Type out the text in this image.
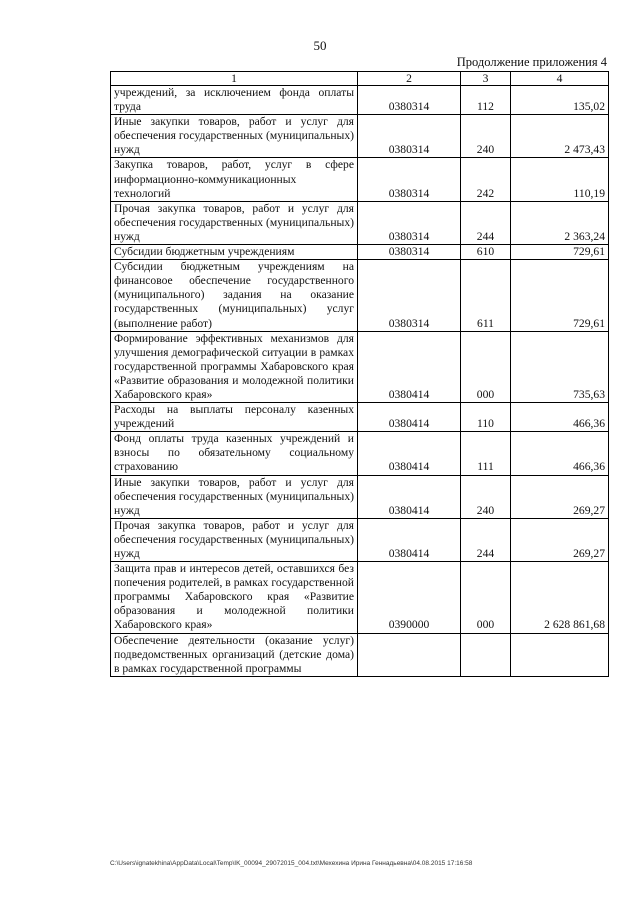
50
Продолжение приложения 4
1	2	3	4
учреждений, за исключением фонда оплаты труда	0380314	112	135,02
Иные закупки товаров, работ и услуг для обеспечения государственных (муниципальных) нужд	0380314	240	2 473,43
Закупка товаров, работ, услуг в сфере информационно-коммуникационных технологий	0380314	242	110,19
Прочая закупка товаров, работ и услуг для обеспечения государственных (муниципальных) нужд	0380314	244	2 363,24
Субсидии бюджетным учреждениям	0380314	610	729,61
Субсидии бюджетным учреждениям на финансовое обеспечение государственного (муниципального) задания на оказание государственных (муниципальных) услуг (выполнение работ)	0380314	611	729,61
Формирование эффективных механизмов для улучшения демографической ситуации в рамках государственной программы Хабаровского края «Развитие образования и молодежной политики Хабаровского края»	0380414	000	735,63
Расходы на выплаты персоналу казенных учреждений	0380414	110	466,36
Фонд оплаты труда казенных учреждений и взносы по обязательному социальному страхованию	0380414	111	466,36
Иные закупки товаров, работ и услуг для обеспечения государственных (муниципальных) нужд	0380414	240	269,27
Прочая закупка товаров, работ и услуг для обеспечения государственных (муниципальных) нужд	0380414	244	269,27
Защита прав и интересов детей, оставшихся без попечения родителей, в рамках государственной программы Хабаровского края «Развитие образования и молодежной политики Хабаровского края»	0390000	000	2 628 861,68
Обеспечение деятельности (оказание услуг) подведомственных организаций (детские дома) в рамках государственной программы			
C:\Users\ignatekhina\AppData\Local\Temp\IK_00094_29072015_004.txt\Мехехина Ирина Геннадьевна\04.08.2015 17:16:58
